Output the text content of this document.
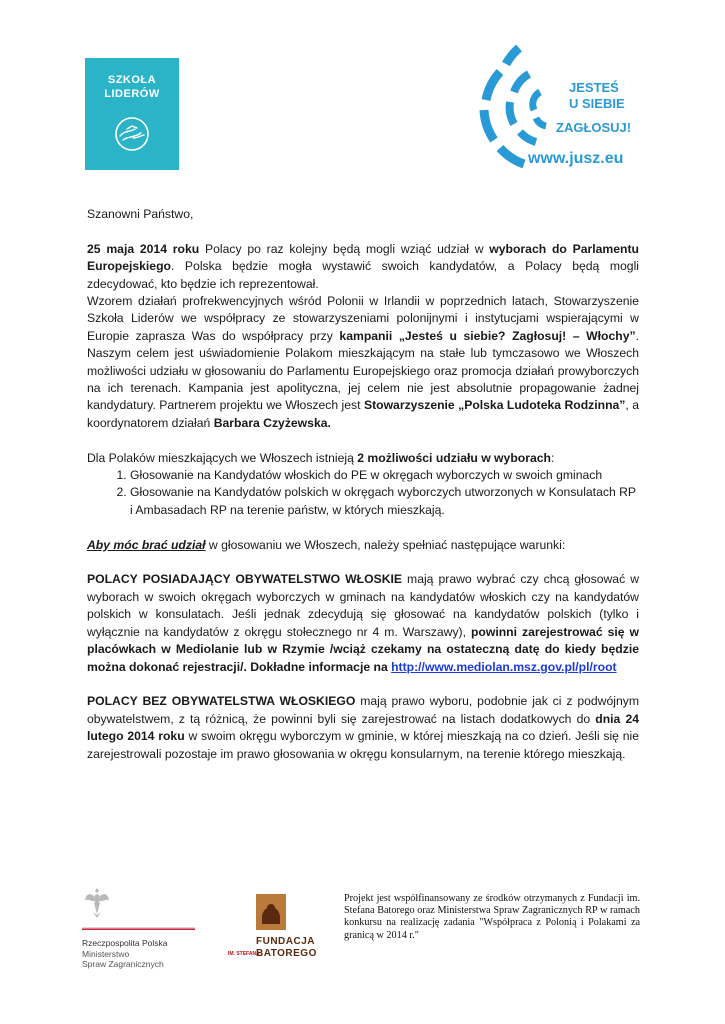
SZKOŁA
LIDERÓW	JESTEŚ
U SIEBIE
ZAGŁOSUJ!
www.jusz.eu

Szanowni Państwo,

25 maja 2014 roku Polacy po raz kolejny będą mogli wziąć udział w wyborach do Parlamentu Europejskiego. Polska będzie mogła wystawić swoich kandydatów, a Polacy będą mogli zdecydować, kto będzie ich reprezentował.

Wzorem działań profrekwencyjnych wśród Polonii w Irlandii w poprzednich latach, Stowarzyszenie Szkoła Liderów we współpracy ze stowarzyszeniami polonijnymi i instytucjami wspierającymi w Europie zaprasza Was do współpracy przy kampanii „Jesteś u siebie? Zagłosuj! – Włochy”. Naszym celem jest uświadomienie Polakom mieszkającym na stałe lub tymczasowo we Włoszech możliwości udziału w głosowaniu do Parlamentu Europejskiego oraz promocja działań prowyborczych na ich terenach. Kampania jest apolityczna, jej celem nie jest absolutnie propagowanie żadnej kandydatury. Partnerem projektu we Włoszech jest Stowarzyszenie „Polska Ludoteka Rodzinna”, a koordynatorem działań Barbara Czyżewska.

Dla Polaków mieszkających we Włoszech istnieją 2 możliwości udziału w wyborach:

1. Głosowanie na Kandydatów włoskich do PE w okręgach wyborczych w swoich gminach
2. Głosowanie na Kandydatów polskich w okręgach wyborczych utworzonych w Konsulatach RP i Ambasadach RP na terenie państw, w których mieszkają.

Aby móc brać udział w głosowaniu we Włoszech, należy spełniać następujące warunki:

POLACY POSIADAJĄCY OBYWATELSTWO WŁOSKIE mają prawo wybrać czy chcą głosować w wyborach w swoich okręgach wyborczych w gminach na kandydatów włoskich czy na kandydatów polskich w konsulatach. Jeśli jednak zdecydują się głosować na kandydatów polskich (tylko i wyłącznie na kandydatów z okręgu stołecznego nr 4 m. Warszawy), powinni zarejestrować się w placówkach w Mediolanie lub w Rzymie /wciąż czekamy na ostateczną datę do kiedy będzie można dokonać rejestracji/. Dokładne informacje na http://www.mediolan.msz.gov.pl/pl/root

POLACY BEZ OBYWATELSTWA WŁOSKIEGO mają prawo wyboru, podobnie jak ci z podwójnym obywatelstwem, z tą różnicą, że powinni byli się zarejestrować na listach dodatkowych do dnia 24 lutego 2014 roku w swoim okręgu wyborczym w gminie, w której mieszkają na co dzień. Jeśli się nie zarejestrowali pozostaje im prawo głosowania w okręgu konsularnym, na terenie którego mieszkają.

Rzeczpospolita Polska
Ministerstwo
Spraw Zagranicznych
IM. STEFANA
FUNDACJA
BATOREGO
Projekt jest współfinansowany ze środków otrzymanych z Fundacji im. Stefana Batorego oraz Ministerstwa Spraw Zagranicznych RP w ramach konkursu na realizację zadania "Współpraca z Polonią i Polakami za granicą w 2014 r."
